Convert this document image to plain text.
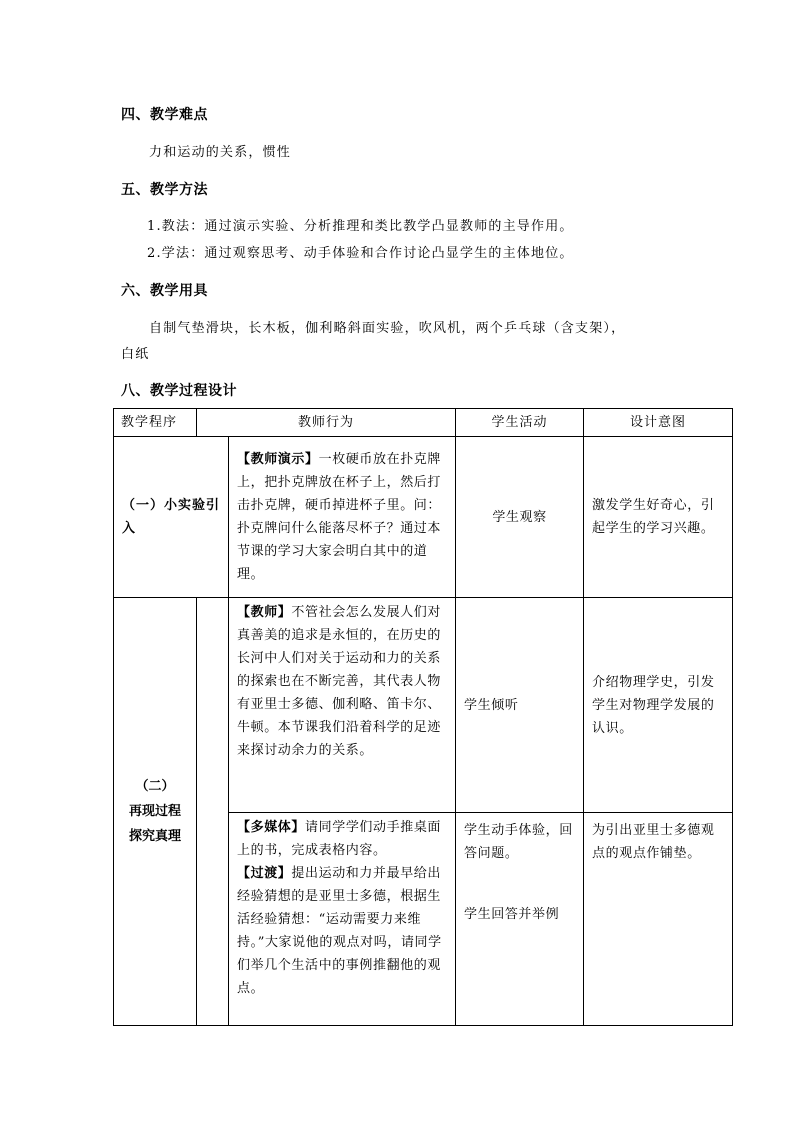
四、教学难点
力和运动的关系，惯性
五、教学方法
1.教法：通过演示实验、分析推理和类比教学凸显教师的主导作用。
2.学法：通过观察思考、动手体验和合作讨论凸显学生的主体地位。
六、教学用具
自制气垫滑块，长木板，伽利略斜面实验，吹风机，两个乒乓球（含支架），
白纸
八、教学过程设计
教学程序	教师行为		学生活动	设计意图
（一）小实验引入		【教师演示】一枚硬币放在扑克牌上，把扑克牌放在杯子上，然后打击扑克牌，硬币掉进杯子里。问：扑克牌问什么能落尽杯子？通过本节课的学习大家会明白其中的道理。	学生观察	激发学生好奇心，引起学生的学习兴趣。

（二）
再现过程
探究真理		【教师】不管社会怎么发展人们对真善美的追求是永恒的，在历史的长河中人们对关于运动和力的关系的探索也在不断完善，其代表人物有亚里士多德、伽利略、笛卡尔、牛顿。本节课我们沿着科学的足迹来探讨动余力的关系。	学生倾听	介绍物理学史，引发学生对物理学发展的认识。
		【多媒体】请同学学们动手推桌面上的书，完成表格内容。
【过渡】提出运动和力并最早给出经验猜想的是亚里士多德，根据生活经验猜想：“运动需要力来维持。”大家说他的观点对吗，请同学们举几个生活中的事例推翻他的观点。	学生动手体验，回答问题。
学生回答并举例	为引出亚里士多德观点的观点作铺垫。
